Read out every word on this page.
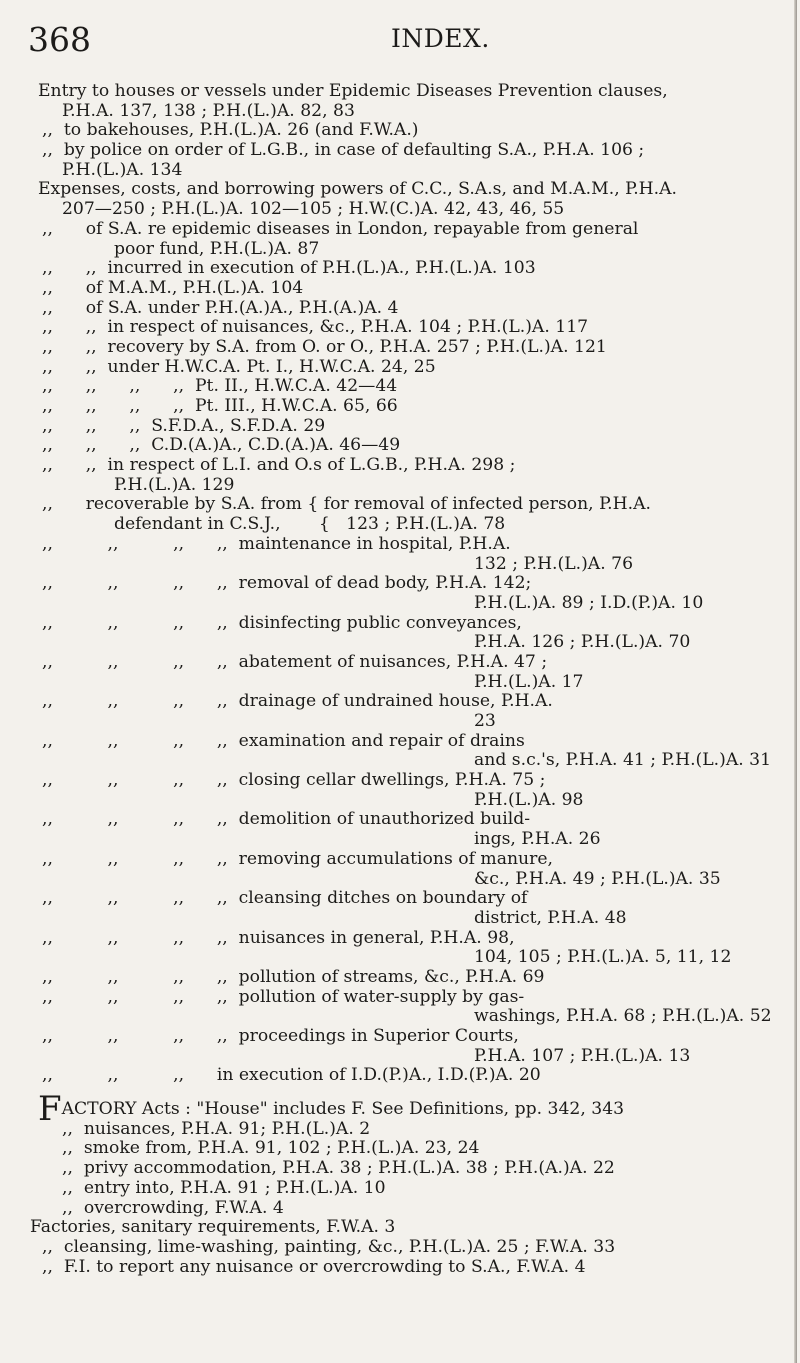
368	INDEX.
Entry to houses or vessels under Epidemic Diseases Prevention clauses,
P.H.A. 137, 138 ; P.H.(L.)A. 82, 83
,,  to bakehouses, P.H.(L.)A. 26 (and F.W.A.)
,,  by police on order of L.G.B., in case of defaulting S.A., P.H.A. 106 ;
P.H.(L.)A. 134
Expenses, costs, and borrowing powers of C.C., S.A.s, and M.A.M., P.H.A.
207—250 ; P.H.(L.)A. 102—105 ; H.W.(C.)A. 42, 43, 46, 55
,,      of S.A. re epidemic diseases in London, repayable from general
poor fund, P.H.(L.)A. 87
,,      ,,  incurred in execution of P.H.(L.)A., P.H.(L.)A. 103
,,      of M.A.M., P.H.(L.)A. 104
,,      of S.A. under P.H.(A.)A., P.H.(A.)A. 4
,,      ,,  in respect of nuisances, &c., P.H.A. 104 ; P.H.(L.)A. 117
,,      ,,  recovery by S.A. from O. or O., P.H.A. 257 ; P.H.(L.)A. 121
,,      ,,  under H.W.C.A. Pt. I., H.W.C.A. 24, 25
,,      ,,      ,,      ,,  Pt. II., H.W.C.A. 42—44
,,      ,,      ,,      ,,  Pt. III., H.W.C.A. 65, 66
,,      ,,      ,,  S.F.D.A., S.F.D.A. 29
,,      ,,      ,,  C.D.(A.)A., C.D.(A.)A. 46—49
,,      ,,  in respect of L.I. and O.s of L.G.B., P.H.A. 298 ;
P.H.(L.)A. 129
,,      recoverable by S.A. from { for removal of infected person, P.H.A.
defendant in C.S.J.,       {   123 ; P.H.(L.)A. 78
,,          ,,          ,,      ,,  maintenance in hospital, P.H.A.
132 ; P.H.(L.)A. 76
,,          ,,          ,,      ,,  removal of dead body, P.H.A. 142;
P.H.(L.)A. 89 ; I.D.(P.)A. 10
,,          ,,          ,,      ,,  disinfecting public conveyances,
P.H.A. 126 ; P.H.(L.)A. 70
,,          ,,          ,,      ,,  abatement of nuisances, P.H.A. 47 ;
P.H.(L.)A. 17
,,          ,,          ,,      ,,  drainage of undrained house, P.H.A.
23
,,          ,,          ,,      ,,  examination and repair of drains
and s.c.'s, P.H.A. 41 ; P.H.(L.)A. 31
,,          ,,          ,,      ,,  closing cellar dwellings, P.H.A. 75 ;
P.H.(L.)A. 98
,,          ,,          ,,      ,,  demolition of unauthorized build-
ings, P.H.A. 26
,,          ,,          ,,      ,,  removing accumulations of manure,
&c., P.H.A. 49 ; P.H.(L.)A. 35
,,          ,,          ,,      ,,  cleansing ditches on boundary of
district, P.H.A. 48
,,          ,,          ,,      ,,  nuisances in general, P.H.A. 98,
104, 105 ; P.H.(L.)A. 5, 11, 12
,,          ,,          ,,      ,,  pollution of streams, &c., P.H.A. 69
,,          ,,          ,,      ,,  pollution of water-supply by gas-
washings, P.H.A. 68 ; P.H.(L.)A. 52
,,          ,,          ,,      ,,  proceedings in Superior Courts,
P.H.A. 107 ; P.H.(L.)A. 13
,,          ,,          ,,      in execution of I.D.(P.)A., I.D.(P.)A. 20
FACTORY Acts : "House" includes F. See Definitions, pp. 342, 343
,,  nuisances, P.H.A. 91; P.H.(L.)A. 2
,,  smoke from, P.H.A. 91, 102 ; P.H.(L.)A. 23, 24
,,  privy accommodation, P.H.A. 38 ; P.H.(L.)A. 38 ; P.H.(A.)A. 22
,,  entry into, P.H.A. 91 ; P.H.(L.)A. 10
,,  overcrowding, F.W.A. 4
Factories, sanitary requirements, F.W.A. 3
,,  cleansing, lime-washing, painting, &c., P.H.(L.)A. 25 ; F.W.A. 33
,,  F.I. to report any nuisance or overcrowding to S.A., F.W.A. 4
